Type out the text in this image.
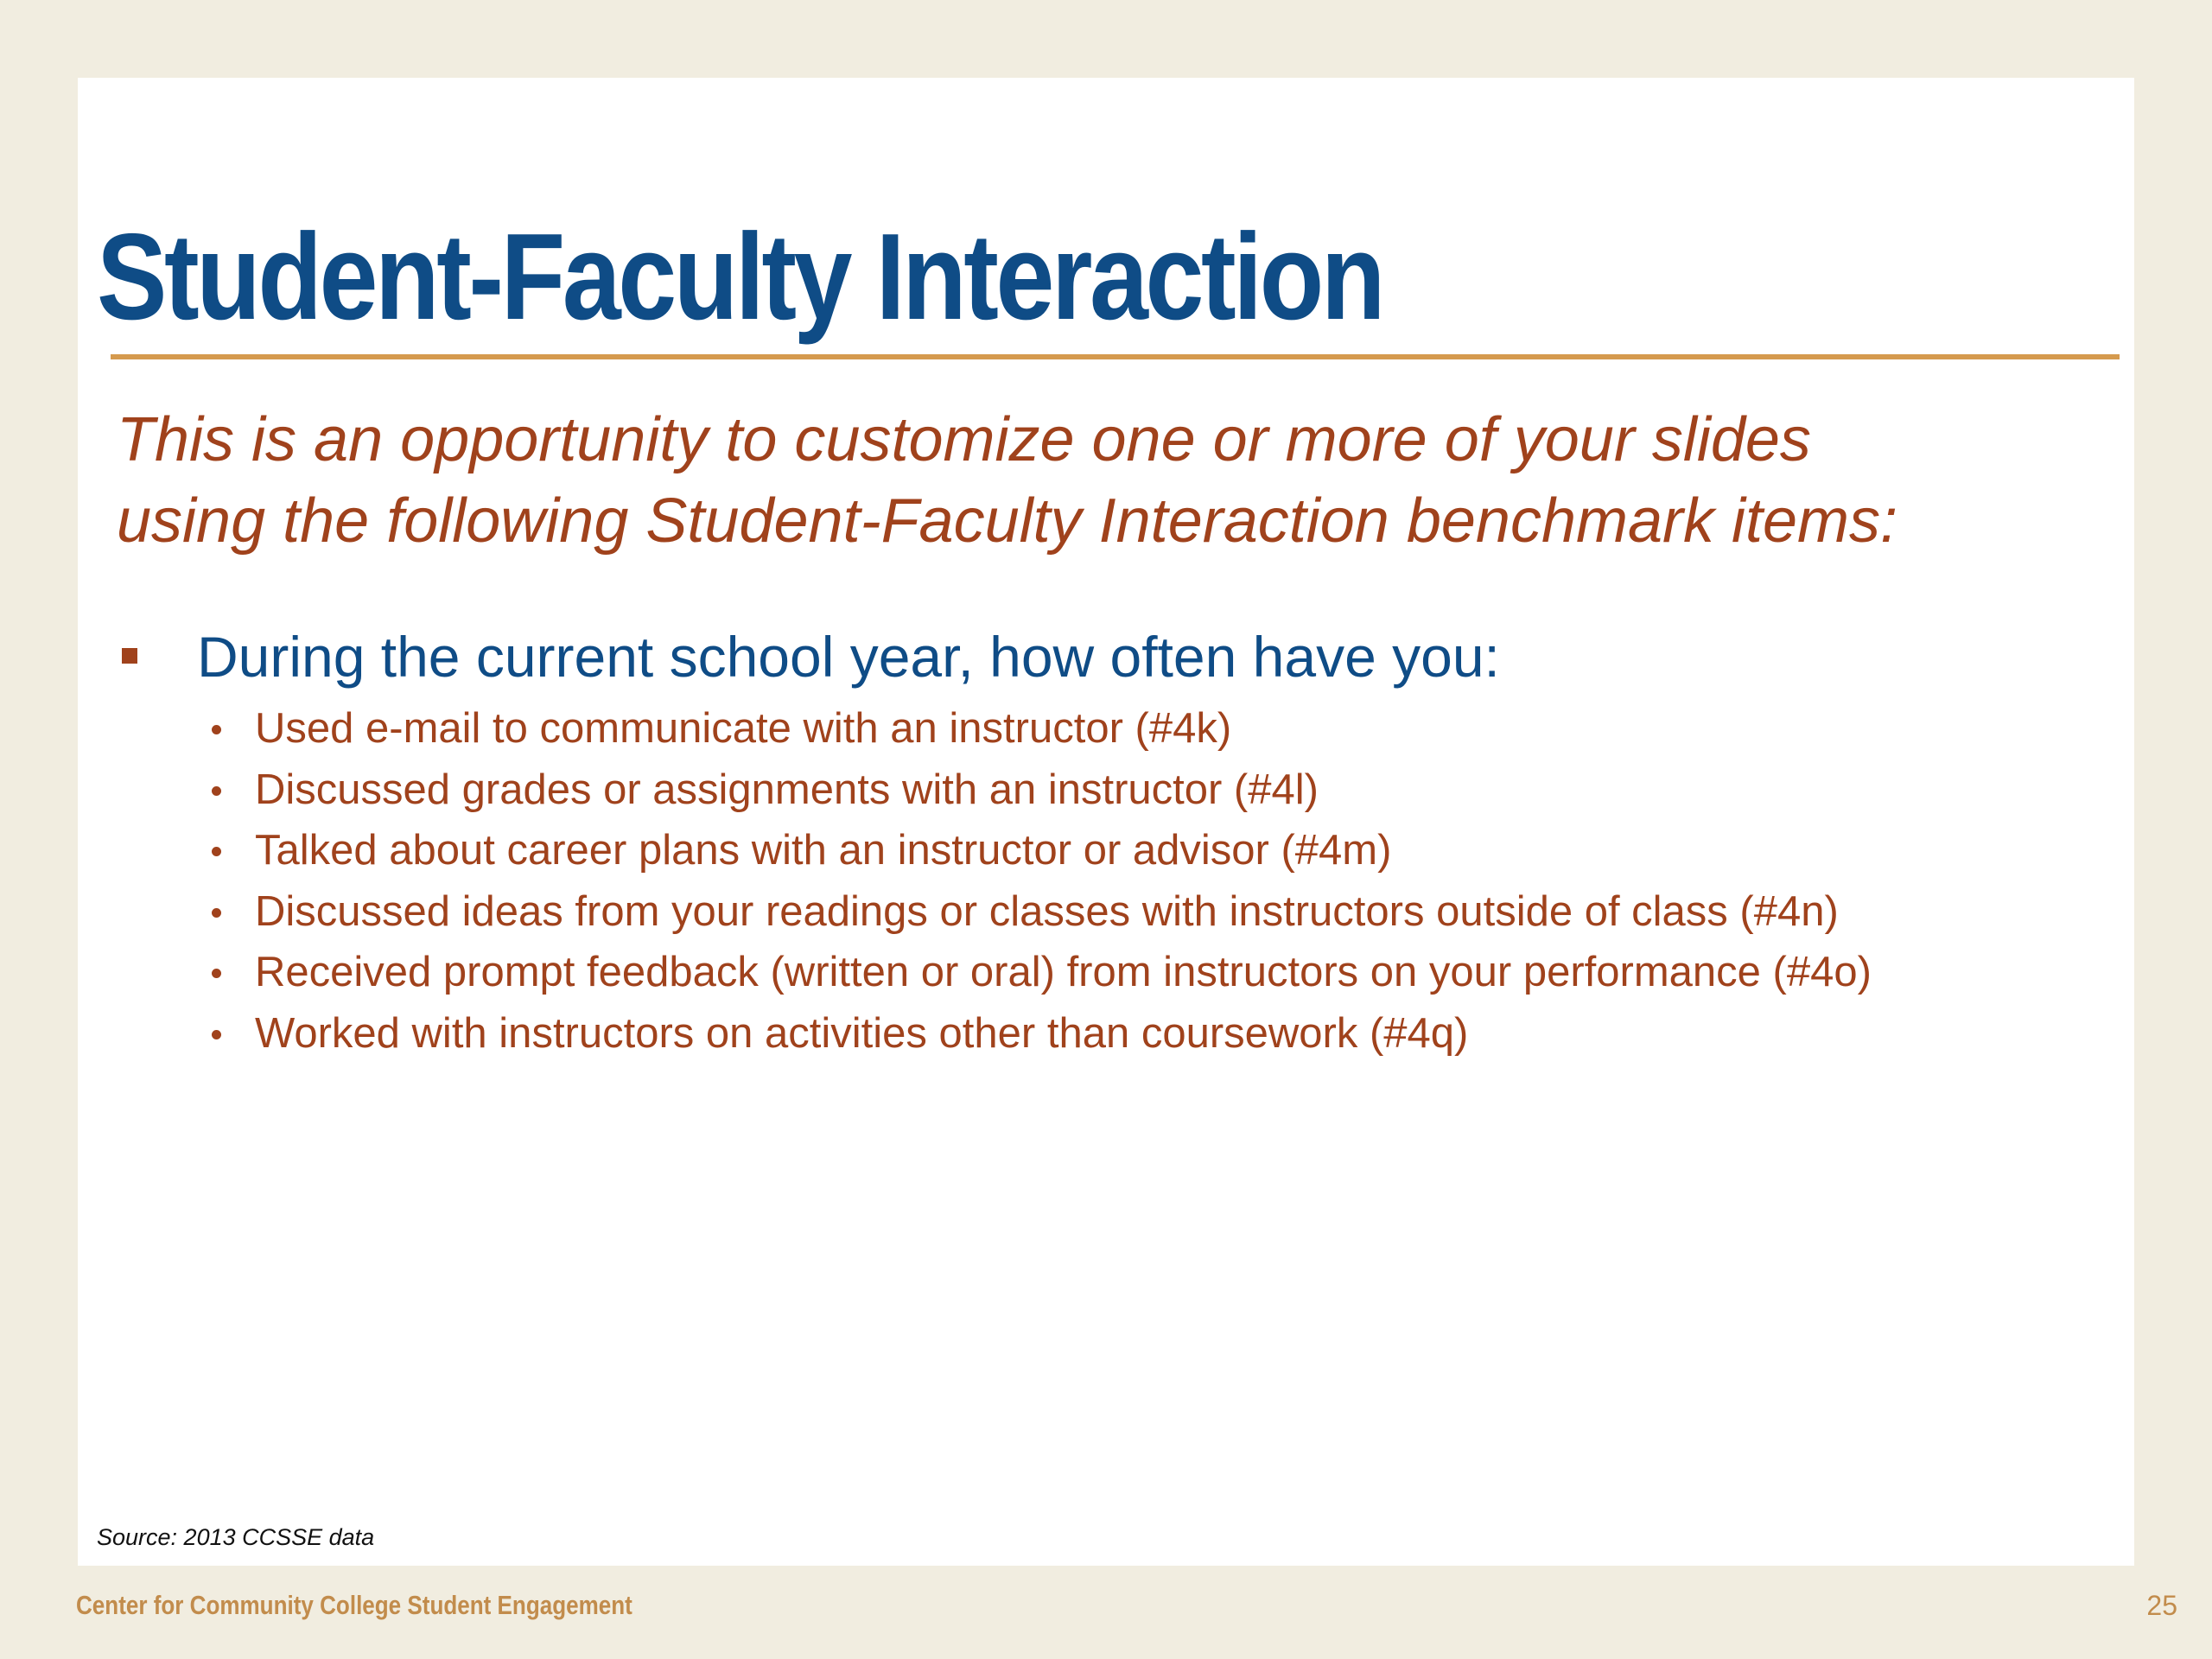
Student-Faculty Interaction
This is an opportunity to customize one or more of your slides
using the following Student-Faculty Interaction benchmark items:
During the current school year, how often have you:
Used e-mail to communicate with an instructor (#4k)
Discussed grades or assignments with an instructor (#4l)
Talked about career plans with an instructor or advisor (#4m)
Discussed ideas from your readings or classes with instructors outside of class (#4n)
Received prompt feedback (written or oral) from instructors on your performance (#4o)
Worked with instructors on activities other than coursework (#4q)
Source: 2013 CCSSE data
Center for Community College Student Engagement	25
